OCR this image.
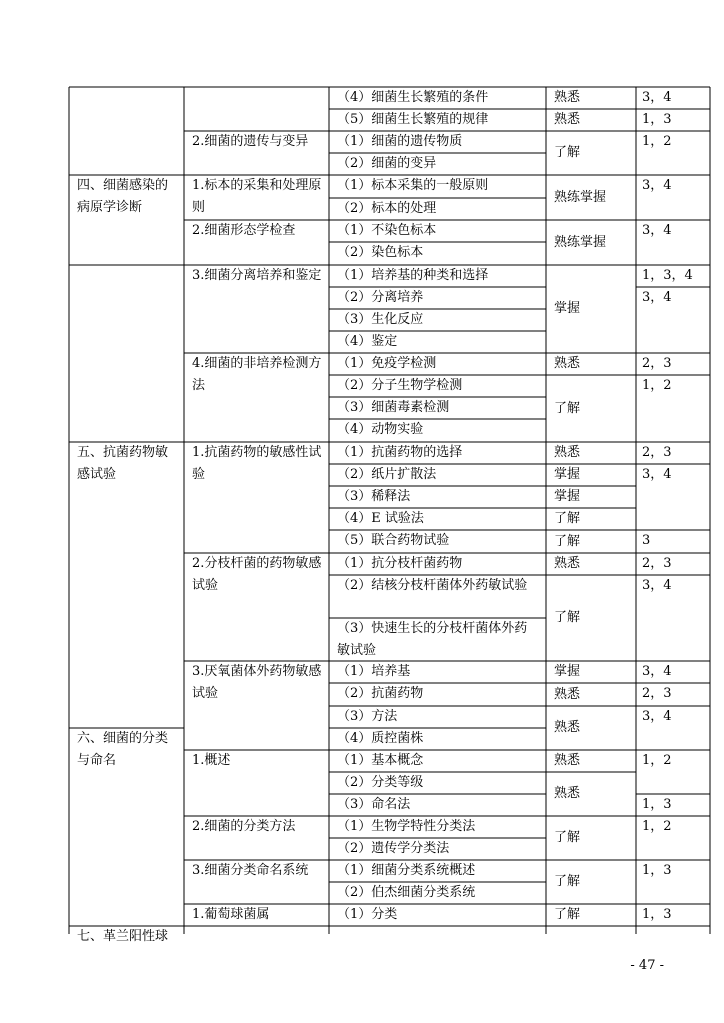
四、细菌感染的病原学诊断
五、抗菌药物敏感试验
六、细菌的分类与命名
七、革兰阳性球
2.细菌的遗传与变异
1.标本的采集和处理原则
2.细菌形态学检查
3.细菌分离培养和鉴定
4.细菌的非培养检测方法
1.抗菌药物的敏感性试验
2.分枝杆菌的药物敏感试验
3.厌氧菌体外药物敏感试验
1.概述
2.细菌的分类方法
3.细菌分类命名系统
1.葡萄球菌属
（4）细菌生长繁殖的条件
（5）细菌生长繁殖的规律
（1）细菌的遗传物质
（2）细菌的变异
（1）标本采集的一般原则
（2）标本的处理
（1）不染色标本
（2）染色标本
（1）培养基的种类和选择
（2）分离培养
（3）生化反应
（4）鉴定
（1）免疫学检测
（2）分子生物学检测
（3）细菌毒素检测
（4）动物实验
（1）抗菌药物的选择
（2）纸片扩散法
（3）稀释法
（4）E 试验法
（5）联合药物试验
（1）抗分枝杆菌药物
（2）结核分枝杆菌体外药敏试验
（3）快速生长的分枝杆菌体外药敏试验
（1）培养基
（2）抗菌药物
（3）方法
（4）质控菌株
（1）基本概念
（2）分类等级
（3）命名法
（1）生物学特性分类法
（2）遗传学分类法
（1）细菌分类系统概述
（2）伯杰细菌分类系统
（1）分类
熟悉
熟悉
了解
熟练掌握
熟练掌握
掌握
熟悉
了解
熟悉
掌握
掌握
了解
了解
熟悉
了解
掌握
熟悉
熟悉
熟悉
熟悉
了解
了解
了解
3，4
1，3
1，2
3，4
3，4
1，3，4
3，4
2，3
1，2
2，3
3，4
3
2，3
3，4
3，4
2，3
3，4
1，2
1，3
1，2
1，3
1，3
- 47 -
